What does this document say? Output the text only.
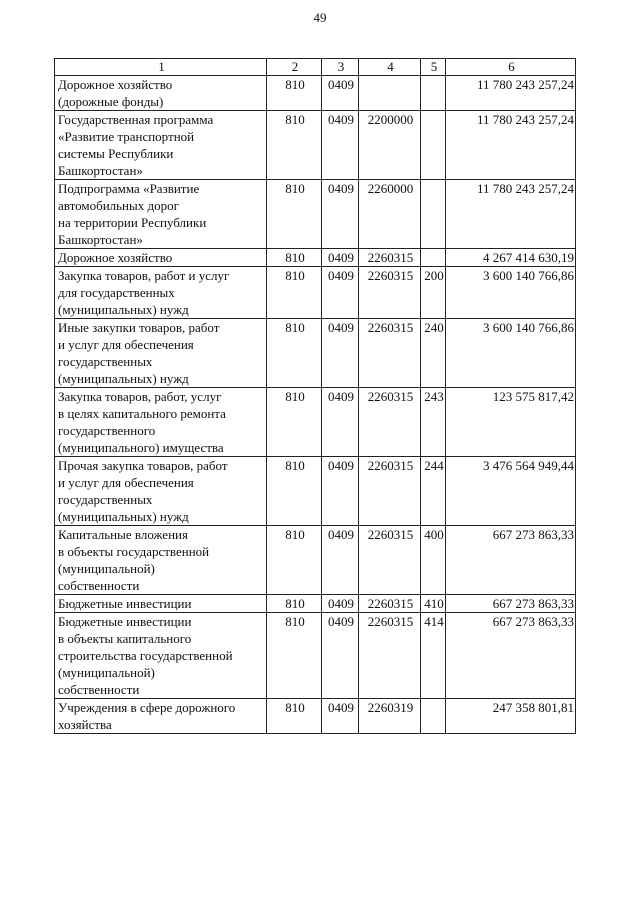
49
1	2	3	4	5	6
Дорожное хозяйство
(дорожные фонды)	810	0409			11 780 243 257,24
Государственная программа
«Развитие транспортной
системы Республики
Башкортостан»	810	0409	2200000		11 780 243 257,24
Подпрограмма «Развитие
автомобильных дорог
на территории Республики
Башкортостан»	810	0409	2260000		11 780 243 257,24
Дорожное хозяйство	810	0409	2260315		4 267 414 630,19
Закупка товаров, работ и услуг
для государственных
(муниципальных) нужд	810	0409	2260315	200	3 600 140 766,86
Иные закупки товаров, работ
и услуг для обеспечения
государственных
(муниципальных) нужд	810	0409	2260315	240	3 600 140 766,86
Закупка товаров, работ, услуг
в целях капитального ремонта
государственного
(муниципального) имущества	810	0409	2260315	243	123 575 817,42
Прочая закупка товаров, работ
и услуг для обеспечения
государственных
(муниципальных) нужд	810	0409	2260315	244	3 476 564 949,44
Капитальные вложения
в объекты государственной
(муниципальной)
собственности	810	0409	2260315	400	667 273 863,33
Бюджетные инвестиции	810	0409	2260315	410	667 273 863,33
Бюджетные инвестиции
в объекты капитального
строительства государственной
(муниципальной)
собственности	810	0409	2260315	414	667 273 863,33
Учреждения в сфере дорожного
хозяйства	810	0409	2260319		247 358 801,81
